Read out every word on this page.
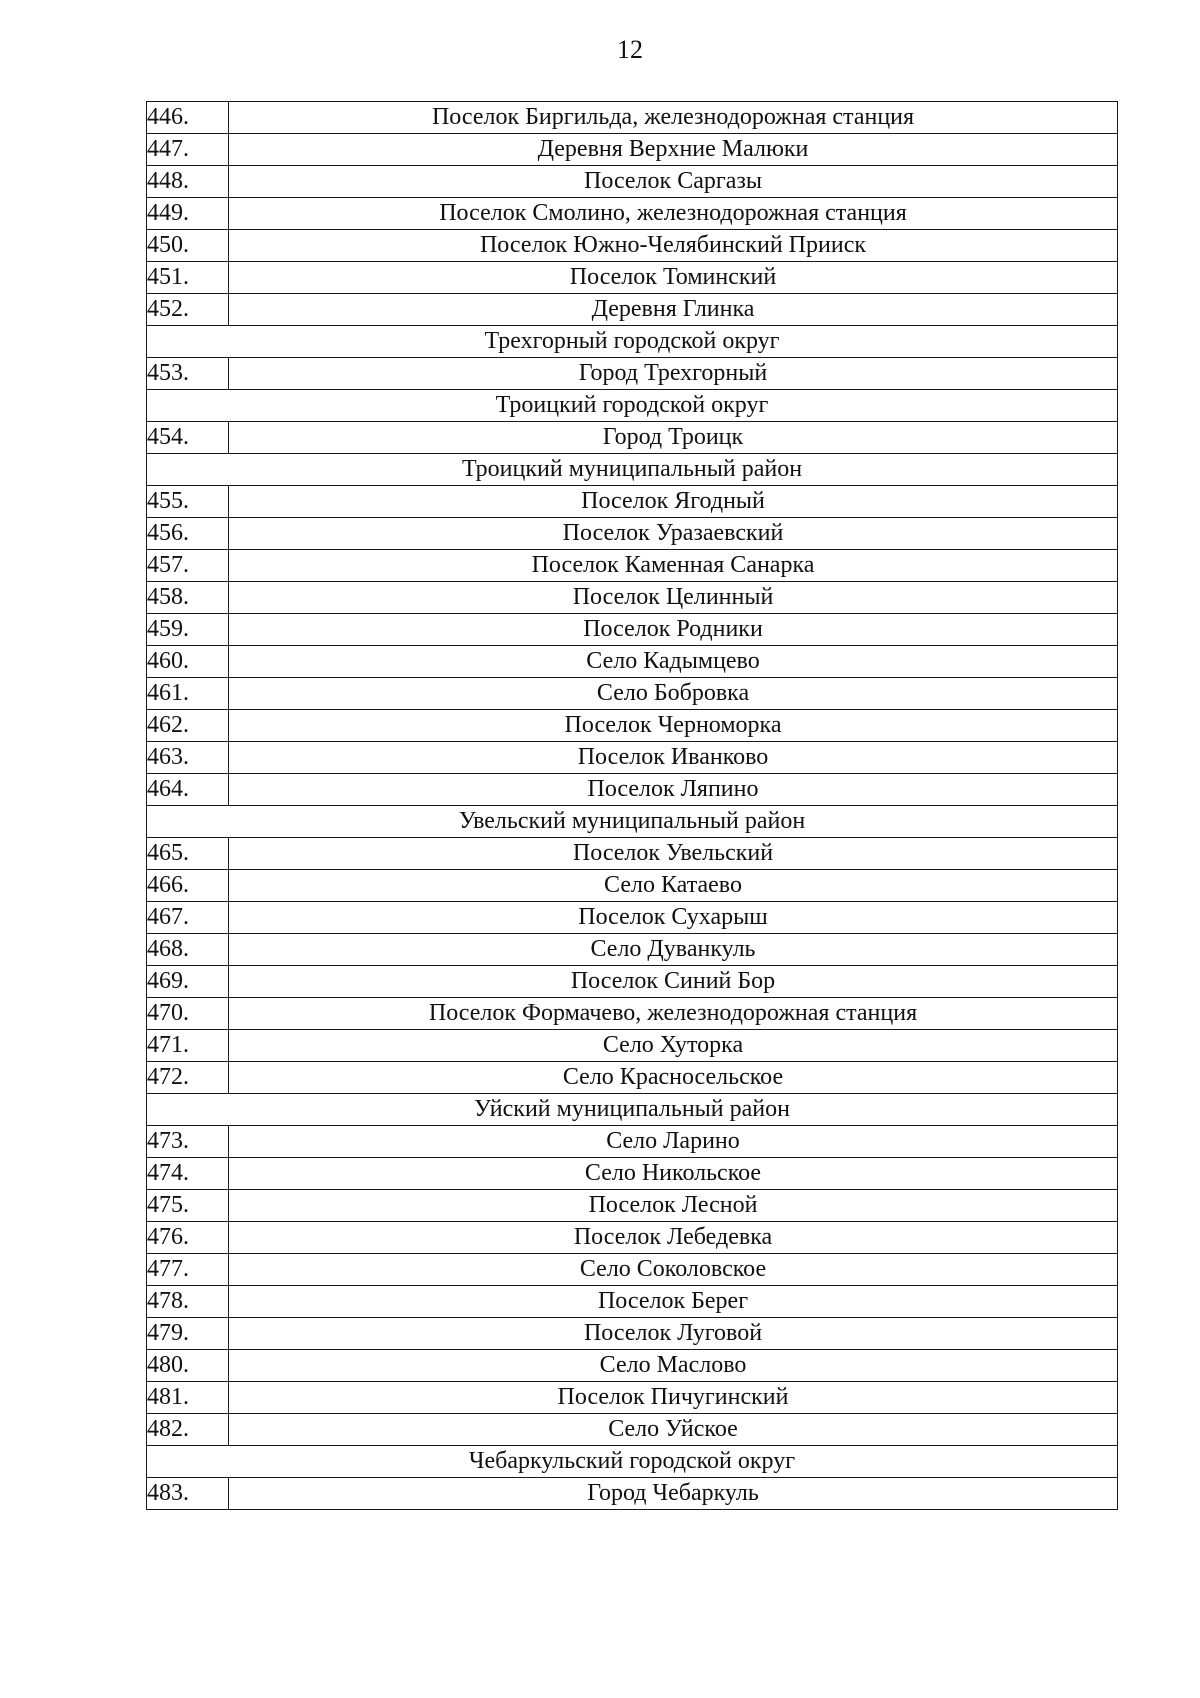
12
446.	Поселок Биргильда, железнодорожная станция
447.	Деревня Верхние Малюки
448.	Поселок Саргазы
449.	Поселок Смолино, железнодорожная станция
450.	Поселок Южно-Челябинский Прииск
451.	Поселок Томинский
452.	Деревня Глинка
Трехгорный городской округ	
453.	Город Трехгорный
Троицкий городской округ	
454.	Город Троицк
Троицкий муниципальный район	
455.	Поселок Ягодный
456.	Поселок Уразаевский
457.	Поселок Каменная Санарка
458.	Поселок Целинный
459.	Поселок Родники
460.	Село Кадымцево
461.	Село Бобровка
462.	Поселок Черноморка
463.	Поселок Иванково
464.	Поселок Ляпино
Увельский муниципальный район	
465.	Поселок Увельский
466.	Село Катаево
467.	Поселок Сухарыш
468.	Село Дуванкуль
469.	Поселок Синий Бор
470.	Поселок Формачево, железнодорожная станция
471.	Село Хуторка
472.	Село Красносельское
Уйский муниципальный район	
473.	Село Ларино
474.	Село Никольское
475.	Поселок Лесной
476.	Поселок Лебедевка
477.	Село Соколовское
478.	Поселок Берег
479.	Поселок Луговой
480.	Село Маслово
481.	Поселок Пичугинский
482.	Село Уйское
Чебаркульский городской округ	
483.	Город Чебаркуль
